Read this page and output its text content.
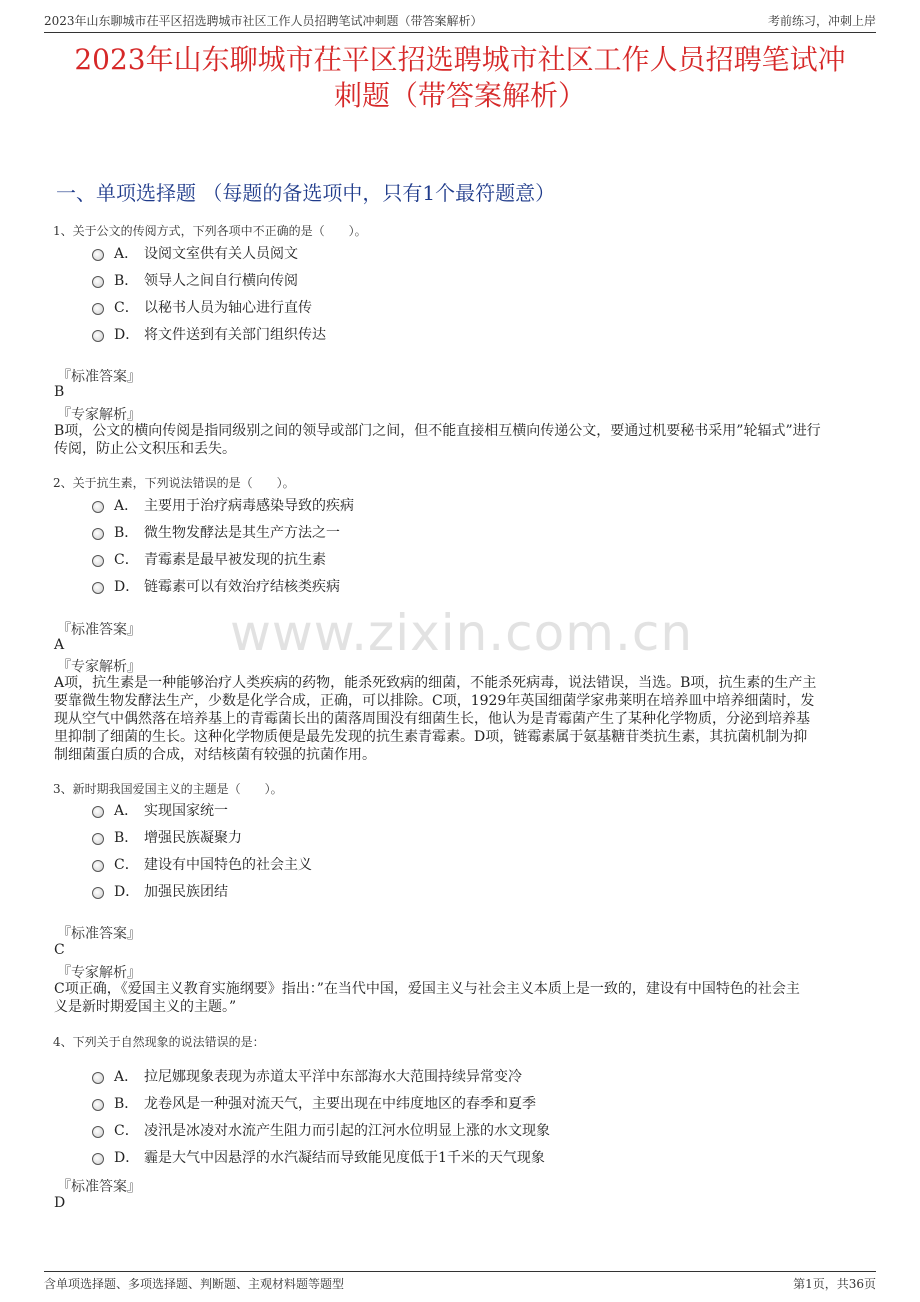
2023年山东聊城市茌平区招选聘城市社区工作人员招聘笔试冲刺题（带答案解析）	考前练习，冲刺上岸
2023年山东聊城市茌平区招选聘城市社区工作人员招聘笔试冲
刺题（带答案解析）
一、单项选择题 （每题的备选项中，只有1个最符题意）
www.zixin.com.cn
1、关于公文的传阅方式，下列各项中不正确的是（　　）。
A． 设阅文室供有关人员阅文
B． 领导人之间自行横向传阅
C． 以秘书人员为轴心进行直传
D． 将文件送到有关部门组织传达
『标准答案』
B
『专家解析』
B项，公文的横向传阅是指同级别之间的领导或部门之间，但不能直接相互横向传递公文，要通过机要秘书采用”轮辐式”进行
传阅，防止公文积压和丢失。
2、关于抗生素，下列说法错误的是（　　）。
A． 主要用于治疗病毒感染导致的疾病
B． 微生物发酵法是其生产方法之一
C． 青霉素是最早被发现的抗生素
D． 链霉素可以有效治疗结核类疾病
『标准答案』
A
『专家解析』
A项，抗生素是一种能够治疗人类疾病的药物，能杀死致病的细菌，不能杀死病毒，说法错误，当选。B项，抗生素的生产主
要靠微生物发酵法生产，少数是化学合成，正确，可以排除。C项，1929年英国细菌学家弗莱明在培养皿中培养细菌时，发
现从空气中偶然落在培养基上的青霉菌长出的菌落周围没有细菌生长，他认为是青霉菌产生了某种化学物质，分泌到培养基
里抑制了细菌的生长。这种化学物质便是最先发现的抗生素青霉素。D项，链霉素属于氨基糖苷类抗生素，其抗菌机制为抑
制细菌蛋白质的合成，对结核菌有较强的抗菌作用。
3、新时期我国爱国主义的主题是（　　）。
A． 实现国家统一
B． 增强民族凝聚力
C． 建设有中国特色的社会主义
D． 加强民族团结
『标准答案』
C
『专家解析』
C项正确，《爱国主义教育实施纲要》指出：”在当代中国，爱国主义与社会主义本质上是一致的，建设有中国特色的社会主
义是新时期爱国主义的主题。”
4、下列关于自然现象的说法错误的是：
A． 拉尼娜现象表现为赤道太平洋中东部海水大范围持续异常变冷
B． 龙卷风是一种强对流天气，主要出现在中纬度地区的春季和夏季
C． 凌汛是冰凌对水流产生阻力而引起的江河水位明显上涨的水文现象
D． 霾是大气中因悬浮的水汽凝结而导致能见度低于1千米的天气现象
『标准答案』
D
含单项选择题、多项选择题、判断题、主观材料题等题型	第1页，共36页
